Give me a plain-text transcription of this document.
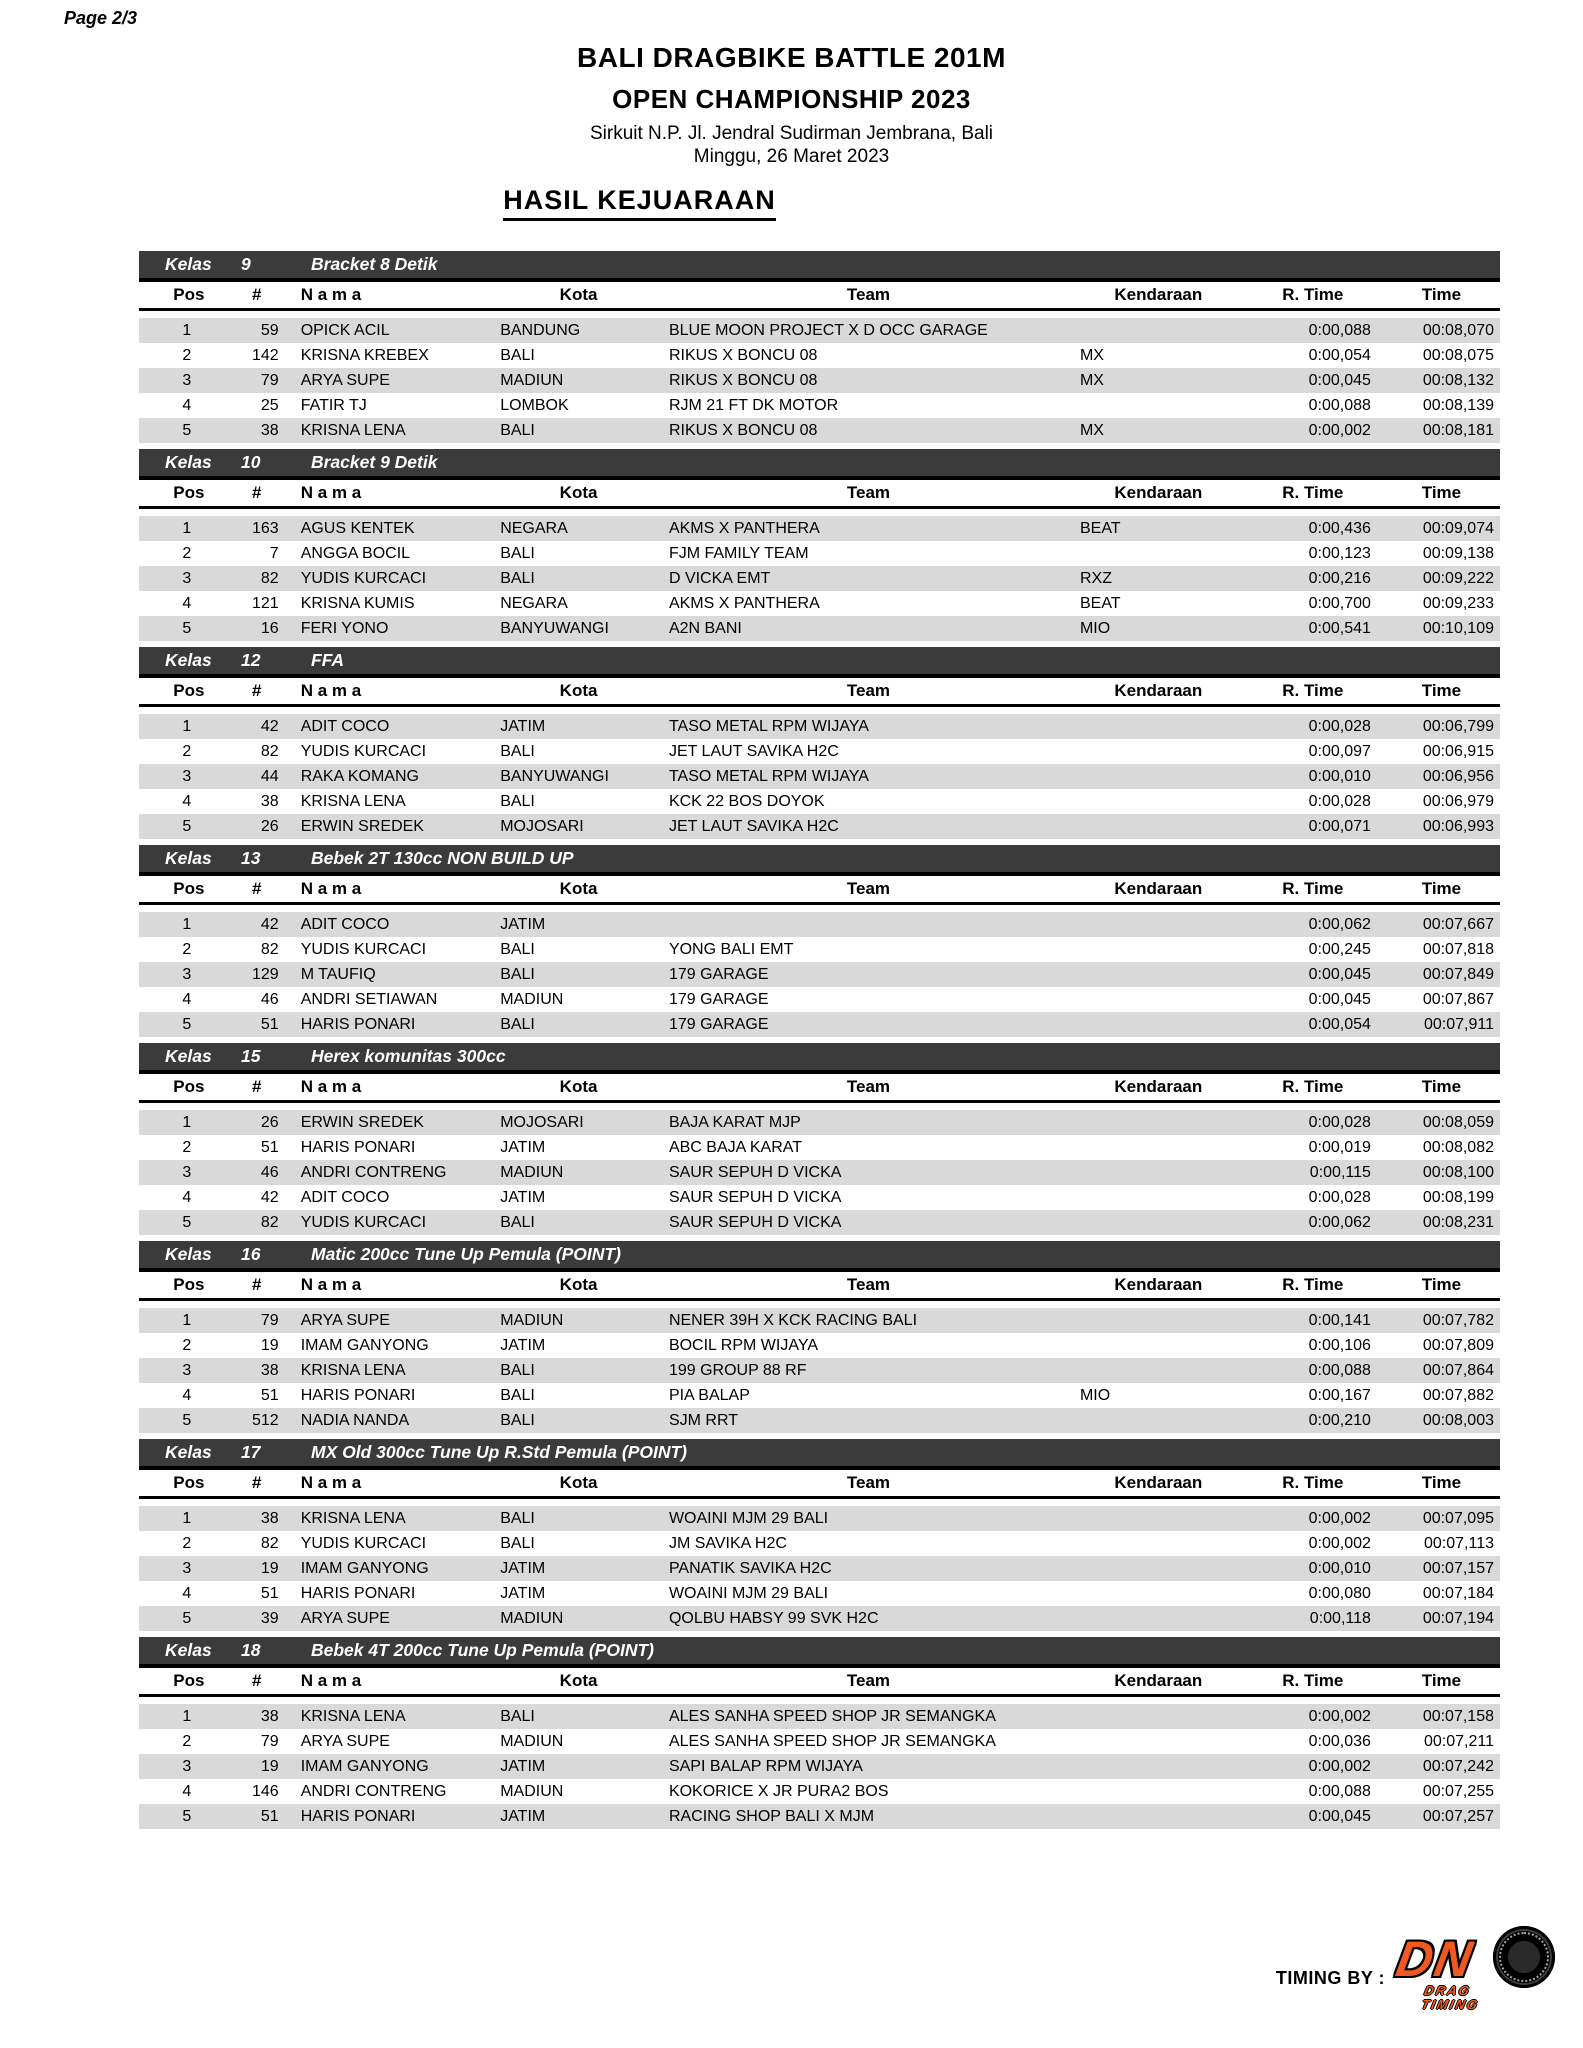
Page 2/3
BALI DRAGBIKE BATTLE 201M
OPEN CHAMPIONSHIP 2023
Sirkuit N.P. Jl. Jendral Sudirman Jembrana, Bali
Minggu, 26 Maret 2023
HASIL KEJUARAAN
Kelas 9	Bracket 8 Detik
Pos	#	N a m a	Kota	Team	Kendaraan	R. Time	Time

1	59	OPICK ACIL	BANDUNG	BLUE MOON PROJECT X D OCC GARAGE		0:00,088	00:08,070
2	142	KRISNA KREBEX	BALI	RIKUS X BONCU 08	MX	0:00,054	00:08,075
3	79	ARYA SUPE	MADIUN	RIKUS X BONCU 08	MX	0:00,045	00:08,132
4	25	FATIR TJ	LOMBOK	RJM 21 FT DK MOTOR		0:00,088	00:08,139
5	38	KRISNA LENA	BALI	RIKUS X BONCU 08	MX	0:00,002	00:08,181
Kelas 10	Bracket 9 Detik
Pos	#	N a m a	Kota	Team	Kendaraan	R. Time	Time

1	163	AGUS KENTEK	NEGARA	AKMS X PANTHERA	BEAT	0:00,436	00:09,074
2	7	ANGGA BOCIL	BALI	FJM FAMILY TEAM		0:00,123	00:09,138
3	82	YUDIS KURCACI	BALI	D VICKA EMT	RXZ	0:00,216	00:09,222
4	121	KRISNA KUMIS	NEGARA	AKMS X PANTHERA	BEAT	0:00,700	00:09,233
5	16	FERI YONO	BANYUWANGI	A2N BANI	MIO	0:00,541	00:10,109
Kelas 12	FFA
Pos	#	N a m a	Kota	Team	Kendaraan	R. Time	Time

1	42	ADIT COCO	JATIM	TASO METAL RPM WIJAYA		0:00,028	00:06,799
2	82	YUDIS KURCACI	BALI	JET LAUT SAVIKA H2C		0:00,097	00:06,915
3	44	RAKA KOMANG	BANYUWANGI	TASO METAL RPM WIJAYA		0:00,010	00:06,956
4	38	KRISNA LENA	BALI	KCK 22 BOS DOYOK		0:00,028	00:06,979
5	26	ERWIN SREDEK	MOJOSARI	JET LAUT SAVIKA H2C		0:00,071	00:06,993
Kelas 13	Bebek 2T 130cc NON BUILD UP
Pos	#	N a m a	Kota	Team	Kendaraan	R. Time	Time

1	42	ADIT COCO	JATIM			0:00,062	00:07,667
2	82	YUDIS KURCACI	BALI	YONG BALI EMT		0:00,245	00:07,818
3	129	M TAUFIQ	BALI	179 GARAGE		0:00,045	00:07,849
4	46	ANDRI SETIAWAN	MADIUN	179 GARAGE		0:00,045	00:07,867
5	51	HARIS PONARI	BALI	179 GARAGE		0:00,054	00:07,911
Kelas 15	Herex komunitas 300cc
Pos	#	N a m a	Kota	Team	Kendaraan	R. Time	Time

1	26	ERWIN SREDEK	MOJOSARI	BAJA KARAT MJP		0:00,028	00:08,059
2	51	HARIS PONARI	JATIM	ABC BAJA KARAT		0:00,019	00:08,082
3	46	ANDRI CONTRENG	MADIUN	SAUR SEPUH D VICKA		0:00,115	00:08,100
4	42	ADIT COCO	JATIM	SAUR SEPUH D VICKA		0:00,028	00:08,199
5	82	YUDIS KURCACI	BALI	SAUR SEPUH D VICKA		0:00,062	00:08,231
Kelas 16	Matic 200cc Tune Up Pemula (POINT)
Pos	#	N a m a	Kota	Team	Kendaraan	R. Time	Time

1	79	ARYA SUPE	MADIUN	NENER 39H X KCK RACING BALI		0:00,141	00:07,782
2	19	IMAM GANYONG	JATIM	BOCIL RPM WIJAYA		0:00,106	00:07,809
3	38	KRISNA LENA	BALI	199 GROUP 88 RF		0:00,088	00:07,864
4	51	HARIS PONARI	BALI	PIA BALAP	MIO	0:00,167	00:07,882
5	512	NADIA NANDA	BALI	SJM RRT		0:00,210	00:08,003
Kelas 17	MX Old 300cc Tune Up R.Std Pemula (POINT)
Pos	#	N a m a	Kota	Team	Kendaraan	R. Time	Time

1	38	KRISNA LENA	BALI	WOAINI MJM 29 BALI		0:00,002	00:07,095
2	82	YUDIS KURCACI	BALI	JM SAVIKA H2C		0:00,002	00:07,113
3	19	IMAM GANYONG	JATIM	PANATIK SAVIKA H2C		0:00,010	00:07,157
4	51	HARIS PONARI	JATIM	WOAINI MJM 29 BALI		0:00,080	00:07,184
5	39	ARYA SUPE	MADIUN	QOLBU HABSY 99 SVK H2C		0:00,118	00:07,194
Kelas 18	Bebek 4T 200cc Tune Up Pemula (POINT)
Pos	#	N a m a	Kota	Team	Kendaraan	R. Time	Time

1	38	KRISNA LENA	BALI	ALES SANHA SPEED SHOP JR SEMANGKA		0:00,002	00:07,158
2	79	ARYA SUPE	MADIUN	ALES SANHA SPEED SHOP JR SEMANGKA		0:00,036	00:07,211
3	19	IMAM GANYONG	JATIM	SAPI BALAP RPM WIJAYA		0:00,002	00:07,242
4	146	ANDRI CONTRENG	MADIUN	KOKORICE X JR PURA2 BOS		0:00,088	00:07,255
5	51	HARIS PONARI	JATIM	RACING SHOP BALI X MJM		0:00,045	00:07,257
TIMING BY : DN
DRAG
TIMING
